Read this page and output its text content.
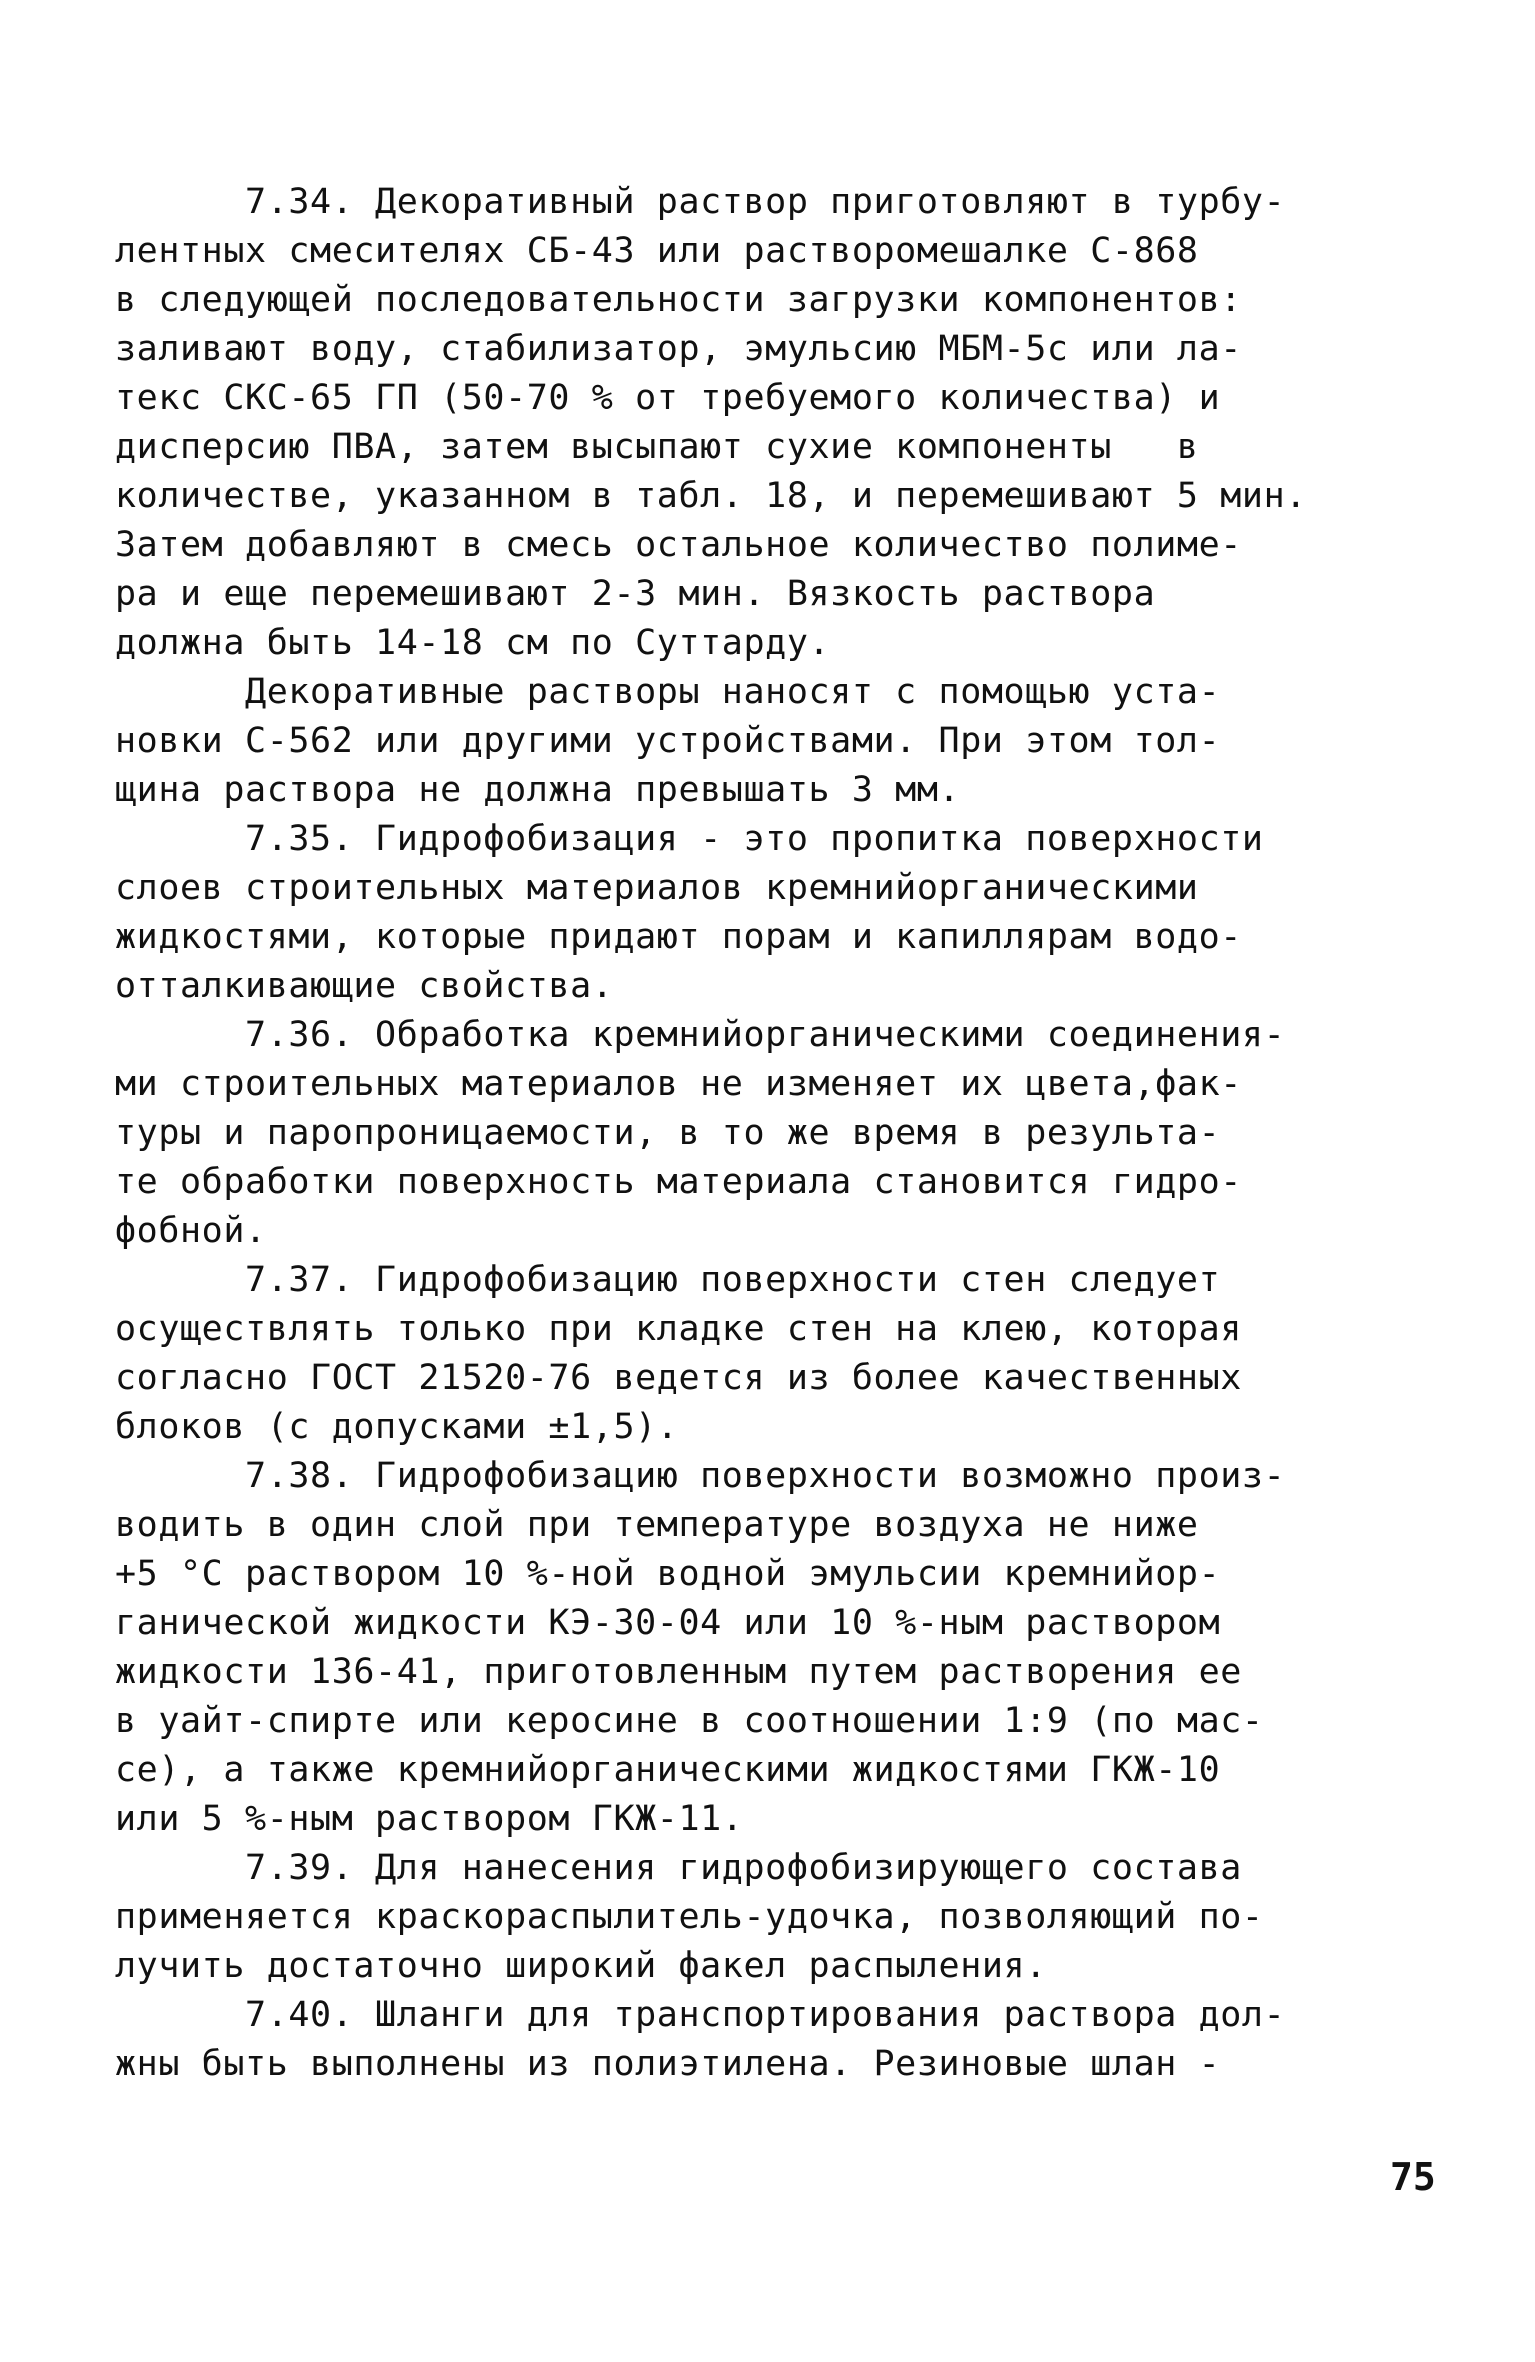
7.34. Декоративный раствор приготовляют в турбу-
лентных смесителях СБ-43 или растворомешалке С-868
в следующей последовательности загрузки компонентов:
заливают воду, стабилизатор, эмульсию МБМ-5с или ла-
текс СКС-65 ГП (50-70 % от требуемого количества) и
дисперсию ПВА, затем высыпают сухие компоненты   в
количестве, указанном в табл. 18, и перемешивают 5 мин.
Затем добавляют в смесь остальное количество полиме-
ра и еще перемешивают 2-3 мин. Вязкость раствора
должна быть 14-18 см по Суттарду.
Декоративные растворы наносят с помощью уста-
новки С-562 или другими устройствами. При этом тол-
щина раствора не должна превышать 3 мм.
7.35. Гидрофобизация - это пропитка поверхности
слоев строительных материалов кремнийорганическими
жидкостями, которые придают порам и капиллярам водо-
отталкивающие свойства.
7.36. Обработка кремнийорганическими соединения-
ми строительных материалов не изменяет их цвета,фак-
туры и паропроницаемости, в то же время в результа-
те обработки поверхность материала становится гидро-
фобной.
7.37. Гидрофобизацию поверхности стен следует
осуществлять только при кладке стен на клею, которая
согласно ГОСТ 21520-76 ведется из более качественных
блоков (с допусками ±1,5).
7.38. Гидрофобизацию поверхности возможно произ-
водить в один слой при температуре воздуха не ниже
+5 °С раствором 10 %-ной водной эмульсии кремнийор-
ганической жидкости КЭ-30-04 или 10 %-ным раствором
жидкости 136-41, приготовленным путем растворения ее
в уайт-спирте или керосине в соотношении 1:9 (по мас-
се), а также кремнийорганическими жидкостями ГКЖ-10
или 5 %-ным раствором ГКЖ-11.
7.39. Для нанесения гидрофобизирующего состава
применяется краскораспылитель-удочка, позволяющий по-
лучить достаточно широкий факел распыления.
7.40. Шланги для транспортирования раствора дол-
жны быть выполнены из полиэтилена. Резиновые шлан -
75
